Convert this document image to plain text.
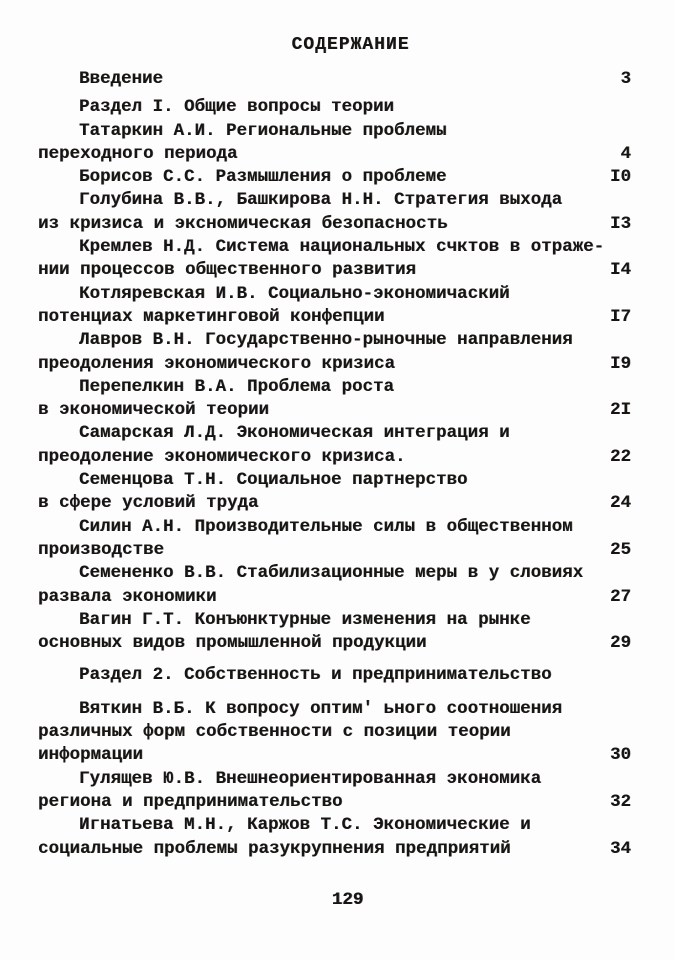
СОДЕРЖАНИЕ
Введение	3
Раздел I. Общие вопросы теории
Татаркин А.И. Региональные проблемы
переходного периода	4
Борисов С.С. Размышления о проблеме	I0
Голубина В.В., Башкирова Н.Н. Стратегия выхода
из кризиса и эксномическая безопасность	I3
Кремлев Н.Д. Система национальных счктов в отраже-
нии процессов общественного развития	I4
Котляревская И.В. Социально-экономичаский
потенциах маркетинговой конфепции	I7
Лавров В.Н. Государственно-рыночные направления
преодоления экономического кризиса	I9
Перепелкин В.А. Проблема роста
в экономической теории	2I
Самарская Л.Д. Экономическая интеграция и
преодоление экономического кризиса.	22
Семенцова Т.Н. Социальное партнерство
в сфере условий труда	24
Силин А.Н. Производительные силы в общественном
производстве	25
Семененко В.В. Стабилизационные меры в у словиях
развала экономики	27
Вагин Г.Т. Конъюнктурные изменения на рынке
основных видов промышленной продукции	29
Раздел 2. Собственность и предпринимательство
Вяткин В.Б. К вопросу оптим' ьного соотношения
различных форм собственности с позиции теории
информации	30
Гулящев Ю.В. Внешнеориентированная экономика
региона и предпринимательство	32
Игнатьева М.Н., Каржов Т.С. Экономические и
социальные проблемы разукрупнения предприятий	34
129
